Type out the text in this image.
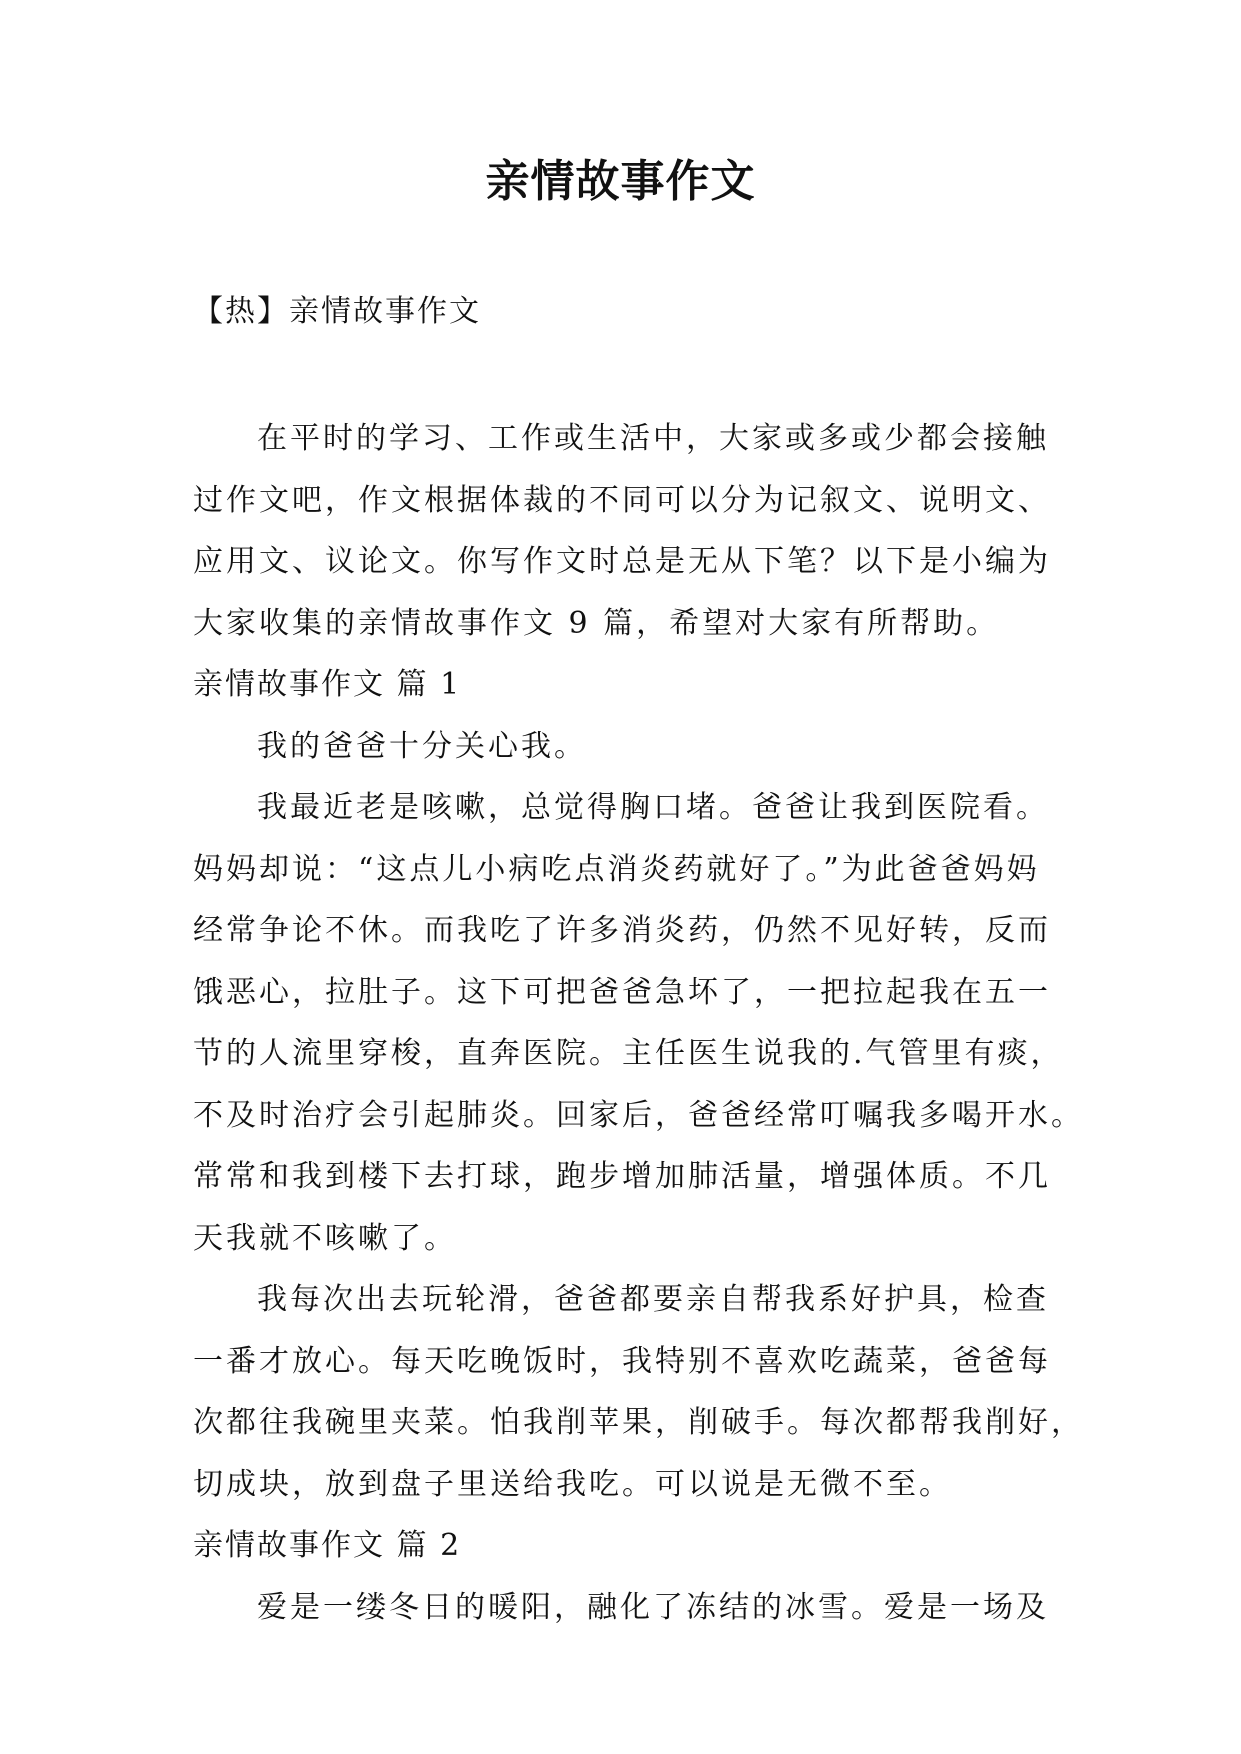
亲情故事作文
【热】亲情故事作文
在平时的学习、工作或生活中，大家或多或少都会接触
过作文吧，作文根据体裁的不同可以分为记叙文、说明文、
应用文、议论文。你写作文时总是无从下笔？以下是小编为
大家收集的亲情故事作文 9 篇，希望对大家有所帮助。
亲情故事作文 篇 1
我的爸爸十分关心我。
我最近老是咳嗽，总觉得胸口堵。爸爸让我到医院看。
妈妈却说：“这点儿小病吃点消炎药就好了。”为此爸爸妈妈
经常争论不休。而我吃了许多消炎药，仍然不见好转，反而
饿恶心，拉肚子。这下可把爸爸急坏了，一把拉起我在五一
节的人流里穿梭，直奔医院。主任医生说我的.气管里有痰，
不及时治疗会引起肺炎。回家后，爸爸经常叮嘱我多喝开水。
常常和我到楼下去打球，跑步增加肺活量，增强体质。不几
天我就不咳嗽了。
我每次出去玩轮滑，爸爸都要亲自帮我系好护具，检查
一番才放心。每天吃晚饭时，我特别不喜欢吃蔬菜，爸爸每
次都往我碗里夹菜。怕我削苹果，削破手。每次都帮我削好，
切成块，放到盘子里送给我吃。可以说是无微不至。
亲情故事作文 篇 2
爱是一缕冬日的暖阳，融化了冻结的冰雪。爱是一场及
